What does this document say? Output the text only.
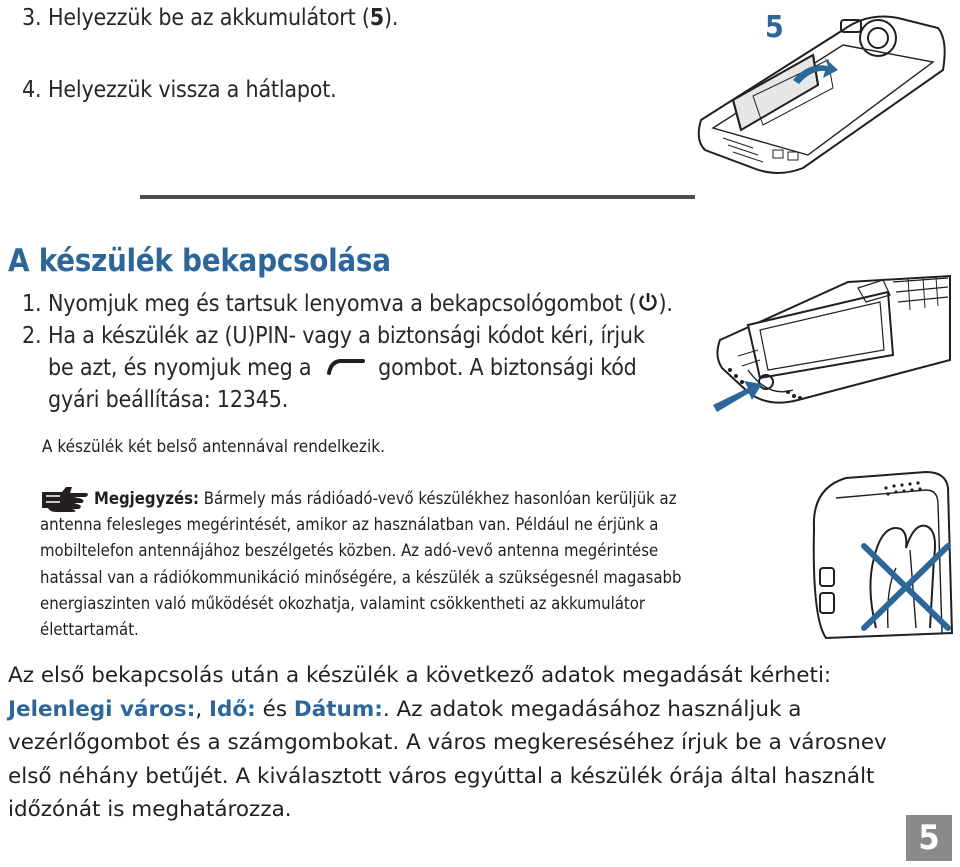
3. Helyezzük be az akkumulátort (5).
4. Helyezzük vissza a hátlapot.
5
A készülék bekapcsolása
1. Nyomjuk meg és tartsuk lenyomva a bekapcsológombot ( ).
2. Ha a készülék az (U)PIN- vagy a biztonsági kódot kéri, írjuk
be azt, és nyomjuk meg a	gombot. A biztonsági kód
gyári beállítása: 12345.
A készülék két belső antennával rendelkezik.
Megjegyzés: Bármely más rádióadó-vevő készülékhez hasonlóan kerüljük az
antenna felesleges megérintését, amikor az használatban van. Például ne érjünk a
mobiltelefon antennájához beszélgetés közben. Az adó-vevő antenna megérintése
hatással van a rádiókommunikáció minőségére, a készülék a szükségesnél magasabb
energiaszinten való működését okozhatja, valamint csökkentheti az akkumulátor
élettartamát.
Az első bekapcsolás után a készülék a következő adatok megadását kérheti:
Jelenlegi város:, Idő: és Dátum:. Az adatok megadásához használjuk a
vezérlőgombot és a számgombokat. A város megkereséséhez írjuk be a városnev
első néhány betűjét. A kiválasztott város egyúttal a készülék órája által használt
időzónát is meghatározza.
5
